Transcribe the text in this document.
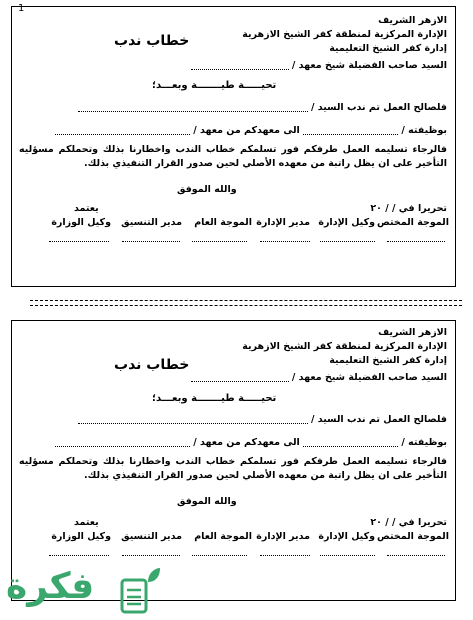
1
الازهر الشريف
الإدارة المركزية لمنطقة كفر الشيخ الازهرية
خطاب ندب	إدارة كفر الشيخ التعليمية
السيد صاحب الفضيلة شيخ معهد /
تحيـــــة طيـــــــة وبعـــد؛
فلصالح العمل تم ندب السيد /
بوظيفته /  الى معهدكم من معهد /
فالرجاء تسليمه العمل طرفكم فور تسلمكم خطاب الندب واخطارنا بذلك وتحملكم مسؤليه التأخير على ان يظل راتبة من معهده الأصلي لحين صدور القرار التنفيذي بذلك.
والله الموفق
تحريرا في / / ٢٠
يعتمد
الموجة المختص
وكيل الإدارة
مدير الإدارة
الموجة العام
مدير التنسيق
وكيل الوزارة
الازهر الشريف
الإدارة المركزية لمنطقة كفر الشيخ الازهرية
خطاب ندب	إدارة كفر الشيخ التعليمية
السيد صاحب الفضيلة شيخ معهد /
تحيـــــة طيـــــــة وبعـــد؛
فلصالح العمل تم ندب السيد /
بوظيفته /  الى معهدكم من معهد /
فالرجاء تسليمه العمل طرفكم فور تسلمكم خطاب الندب واخطارنا بذلك وتحملكم مسؤليه التأخير على ان يظل راتبة من معهده الأصلي لحين صدور القرار التنفيذي بذلك.
والله الموفق
تحريرا في / / ٢٠
يعتمد
الموجة المختص
وكيل الإدارة
مدير الإدارة
الموجة العام
مدير التنسيق
وكيل الوزارة
فكرة
